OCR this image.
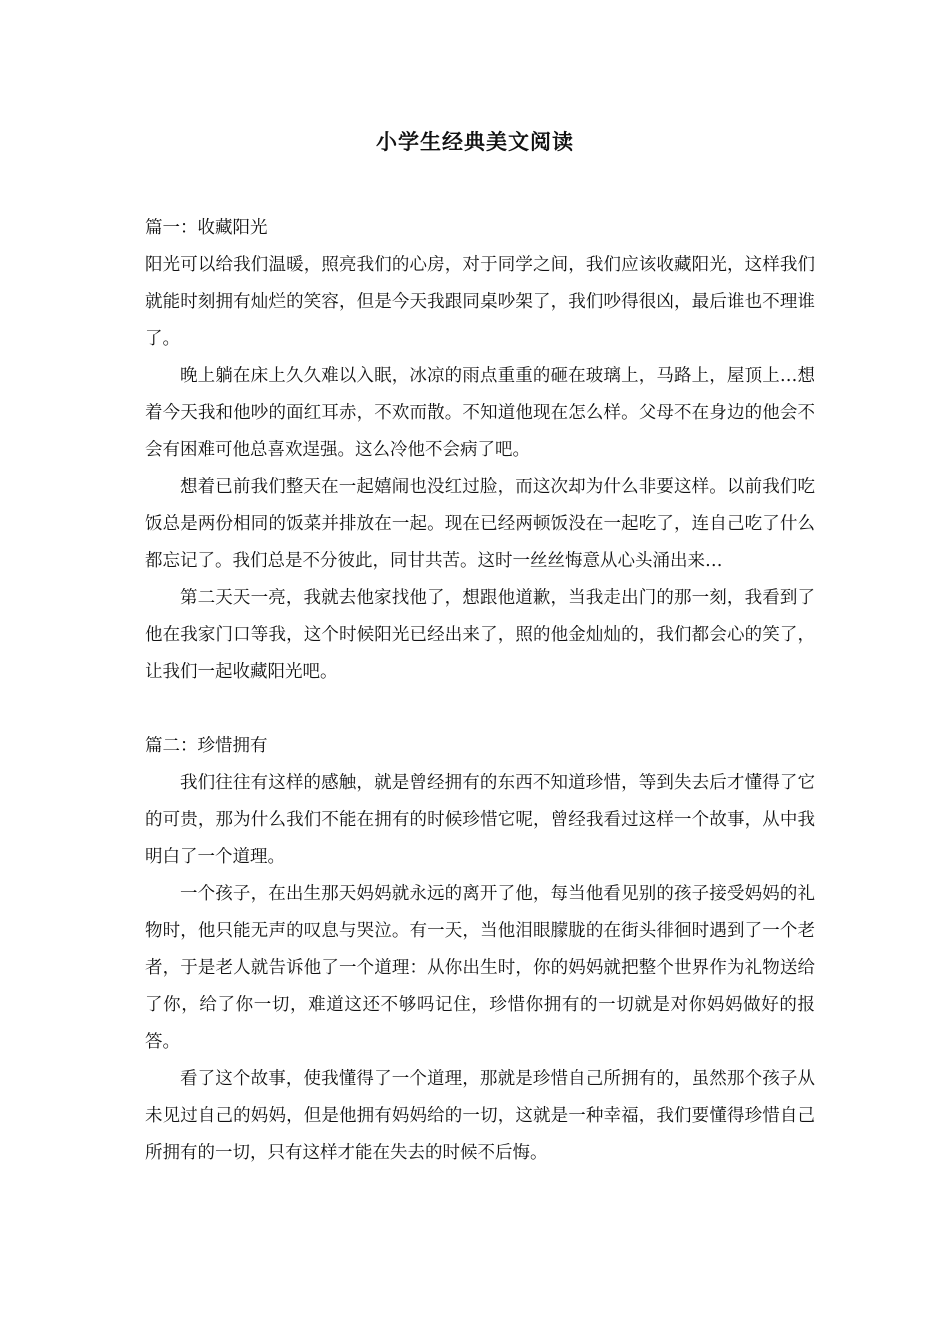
小学生经典美文阅读
篇一：收藏阳光

阳光可以给我们温暖，照亮我们的心房，对于同学之间，我们应该收藏阳光，这样我们就能时刻拥有灿烂的笑容，但是今天我跟同桌吵架了，我们吵得很凶，最后谁也不理谁了。

晚上躺在床上久久难以入眠，冰凉的雨点重重的砸在玻璃上，马路上，屋顶上…想着今天我和他吵的面红耳赤，不欢而散。不知道他现在怎么样。父母不在身边的他会不会有困难可他总喜欢逞强。这么冷他不会病了吧。

想着已前我们整天在一起嬉闹也没红过脸，而这次却为什么非要这样。以前我们吃饭总是两份相同的饭菜并排放在一起。现在已经两顿饭没在一起吃了，连自己吃了什么都忘记了。我们总是不分彼此，同甘共苦。这时一丝丝悔意从心头涌出来…

第二天天一亮，我就去他家找他了，想跟他道歉，当我走出门的那一刻，我看到了他在我家门口等我，这个时候阳光已经出来了，照的他金灿灿的，我们都会心的笑了，让我们一起收藏阳光吧。

篇二：珍惜拥有

我们往往有这样的感触，就是曾经拥有的东西不知道珍惜，等到失去后才懂得了它的可贵，那为什么我们不能在拥有的时候珍惜它呢，曾经我看过这样一个故事，从中我明白了一个道理。

一个孩子，在出生那天妈妈就永远的离开了他，每当他看见别的孩子接受妈妈的礼物时，他只能无声的叹息与哭泣。有一天，当他泪眼朦胧的在街头徘徊时遇到了一个老者，于是老人就告诉他了一个道理：从你出生时，你的妈妈就把整个世界作为礼物送给了你，给了你一切，难道这还不够吗记住，珍惜你拥有的一切就是对你妈妈做好的报答。

看了这个故事，使我懂得了一个道理，那就是珍惜自己所拥有的，虽然那个孩子从未见过自己的妈妈，但是他拥有妈妈给的一切，这就是一种幸福，我们要懂得珍惜自己所拥有的一切，只有这样才能在失去的时候不后悔。
